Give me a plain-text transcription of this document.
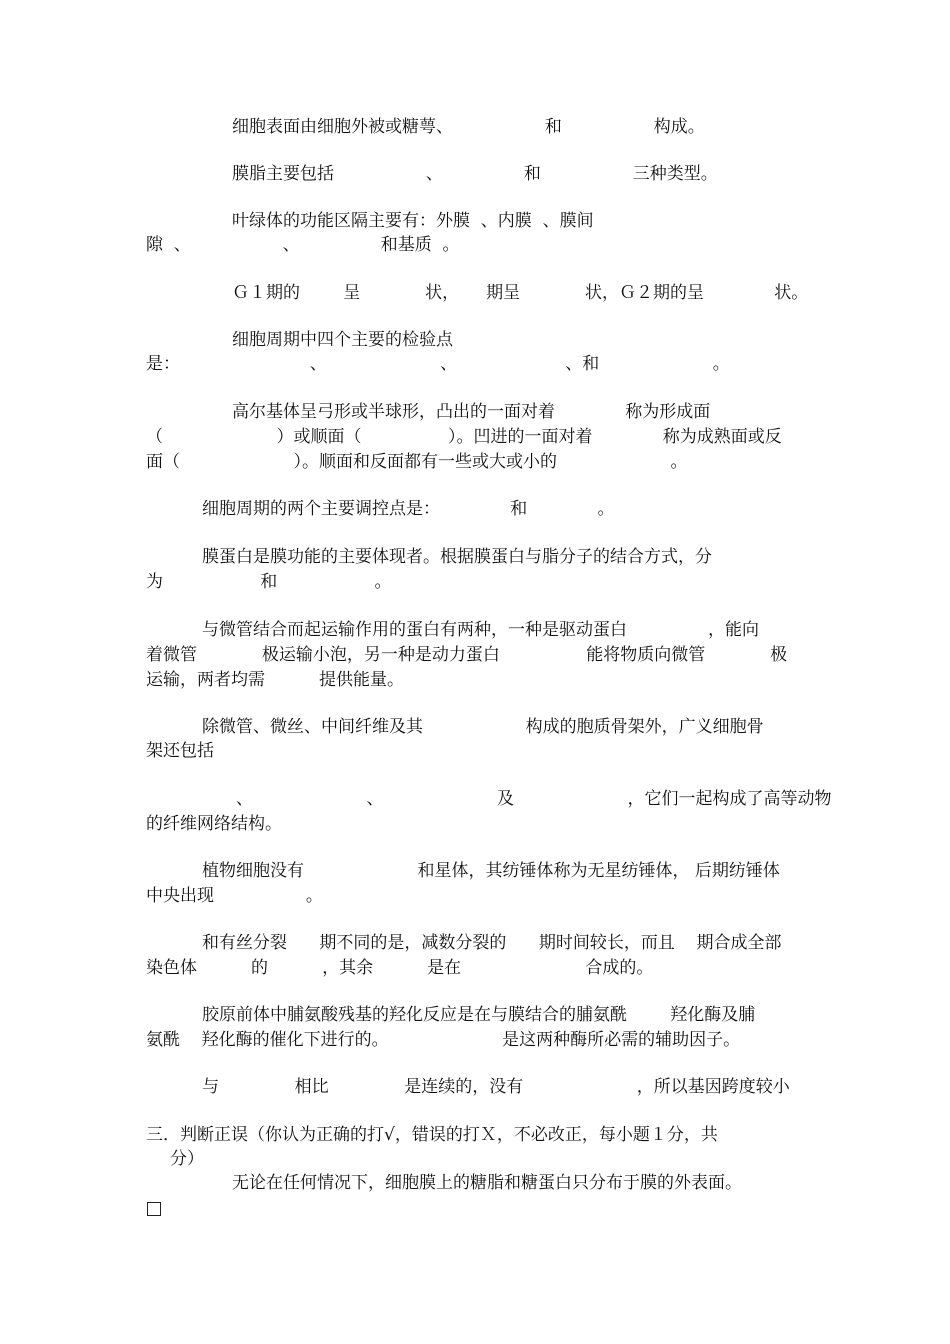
细胞表面由细胞外被或糖萼、                 和                 构成。
膜脂主要包括                 、               和                 三种类型。
叶绿体的功能区隔主要有：外膜  、内膜  、膜间
隙  、                 、               和基质  。
Ｇ１期的        呈            状，     期呈            状，Ｇ２期的呈             状。
细胞周期中四个主要的检验点
是：                        、                     、                    、和                     。
高尔基体呈弓形或半球形，凸出的一面对着             称为形成面
（                     ）或顺面（                ）。凹进的一面对着             称为成熟面或反
面（                     ）。顺面和反面都有一些或大或小的                     。
细胞周期的两个主要调控点是：             和             。
膜蛋白是膜功能的主要体现者。根据膜蛋白与脂分子的结合方式，分
为                  和                  。
与微管结合而起运输作用的蛋白有两种，一种是驱动蛋白               ，能向
着微管            极运输小泡，另一种是动力蛋白                能将物质向微管            极
运输，两者均需          提供能量。
除微管、微丝、中间纤维及其                   构成的胞质骨架外，广义细胞骨
架还包括
、                     、                     及                     ，它们一起构成了高等动物
的纤维网络结构。
植物细胞没有                     和星体，其纺锤体称为无星纺锤体， 后期纺锤体
中央出现                 。
和有丝分裂      期不同的是，减数分裂的      期时间较长，而且    期合成全部
染色体          的          ，其余          是在                       合成的。
胶原前体中脯氨酸残基的羟化反应是在与膜结合的脯氨酰        羟化酶及脯
氨酰    羟化酶的催化下进行的。                     是这两种酶所必需的辅助因子。
与              相比              是连续的，没有                     ，所以基因跨度较小
三．判断正误（你认为正确的打√，错误的打Ｘ，不必改正，每小题１分，共
分）
无论在任何情况下，细胞膜上的糖脂和糖蛋白只分布于膜的外表面。
